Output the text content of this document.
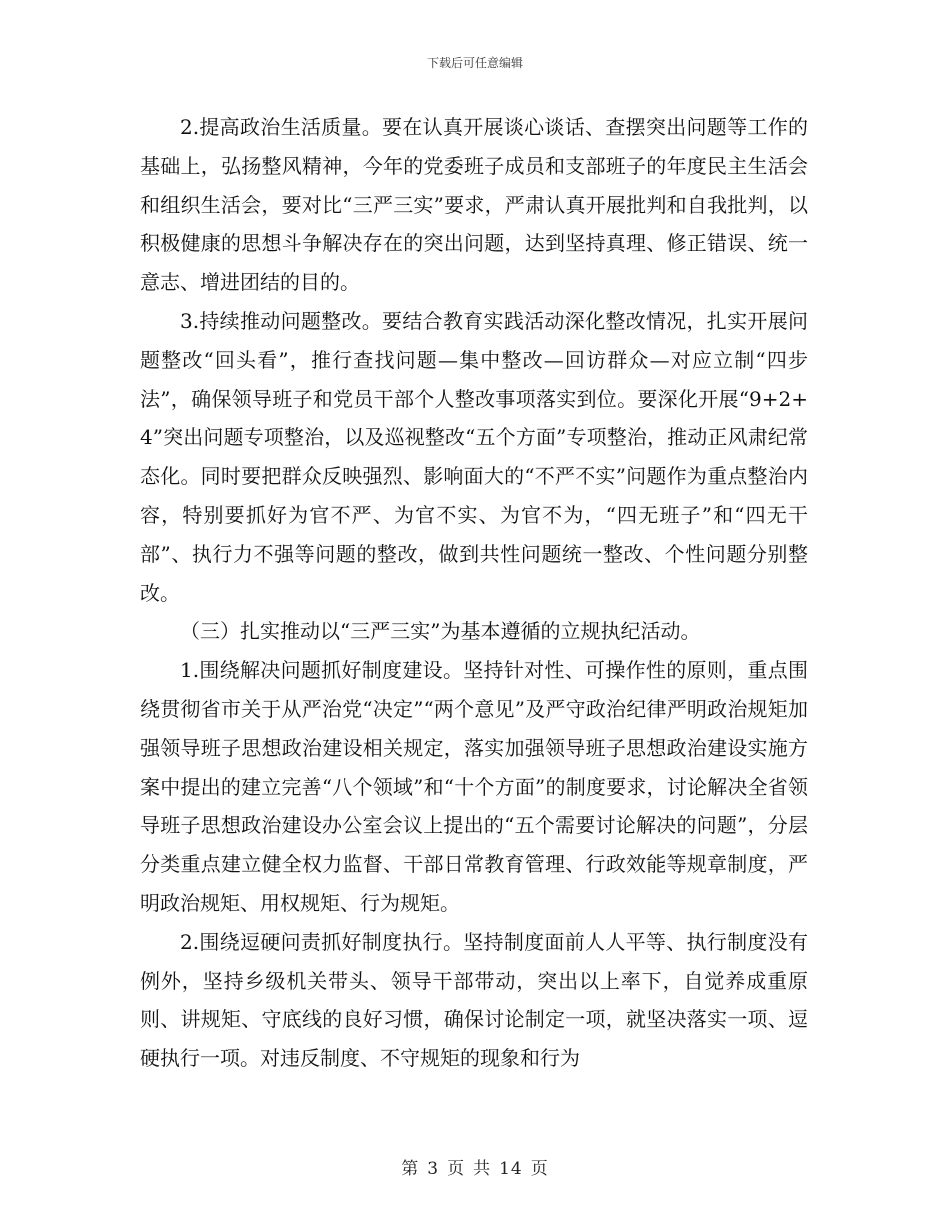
下载后可任意编辑

2.提高政治生活质量。要在认真开展谈心谈话、查摆突出问题等工作的基础上，弘扬整风精神，今年的党委班子成员和支部班子的年度民主生活会和组织生活会，要对比“三严三实”要求，严肃认真开展批判和自我批判，以积极健康的思想斗争解决存在的突出问题，达到坚持真理、修正错误、统一意志、增进团结的目的。

3.持续推动问题整改。要结合教育实践活动深化整改情况，扎实开展问题整改“回头看”，推行查找问题—集中整改—回访群众—对应立制“四步法”，确保领导班子和党员干部个人整改事项落实到位。要深化开展“9+2+4”突出问题专项整治，以及巡视整改“五个方面”专项整治，推动正风肃纪常态化。同时要把群众反映强烈、影响面大的“不严不实”问题作为重点整治内容，特别要抓好为官不严、为官不实、为官不为，“四无班子”和“四无干部”、执行力不强等问题的整改，做到共性问题统一整改、个性问题分别整改。

（三）扎实推动以“三严三实”为基本遵循的立规执纪活动。

1.围绕解决问题抓好制度建设。坚持针对性、可操作性的原则，重点围绕贯彻省市关于从严治党“决定”“两个意见”及严守政治纪律严明政治规矩加强领导班子思想政治建设相关规定，落实加强领导班子思想政治建设实施方案中提出的建立完善“八个领域”和“十个方面”的制度要求，讨论解决全省领导班子思想政治建设办公室会议上提出的“五个需要讨论解决的问题”，分层分类重点建立健全权力监督、干部日常教育管理、行政效能等规章制度，严明政治规矩、用权规矩、行为规矩。

2.围绕逗硬问责抓好制度执行。坚持制度面前人人平等、执行制度没有例外，坚持乡级机关带头、领导干部带动，突出以上率下，自觉养成重原则、讲规矩、守底线的良好习惯，确保讨论制定一项，就坚决落实一项、逗硬执行一项。对违反制度、不守规矩的现象和行为

第 3 页 共 14 页
